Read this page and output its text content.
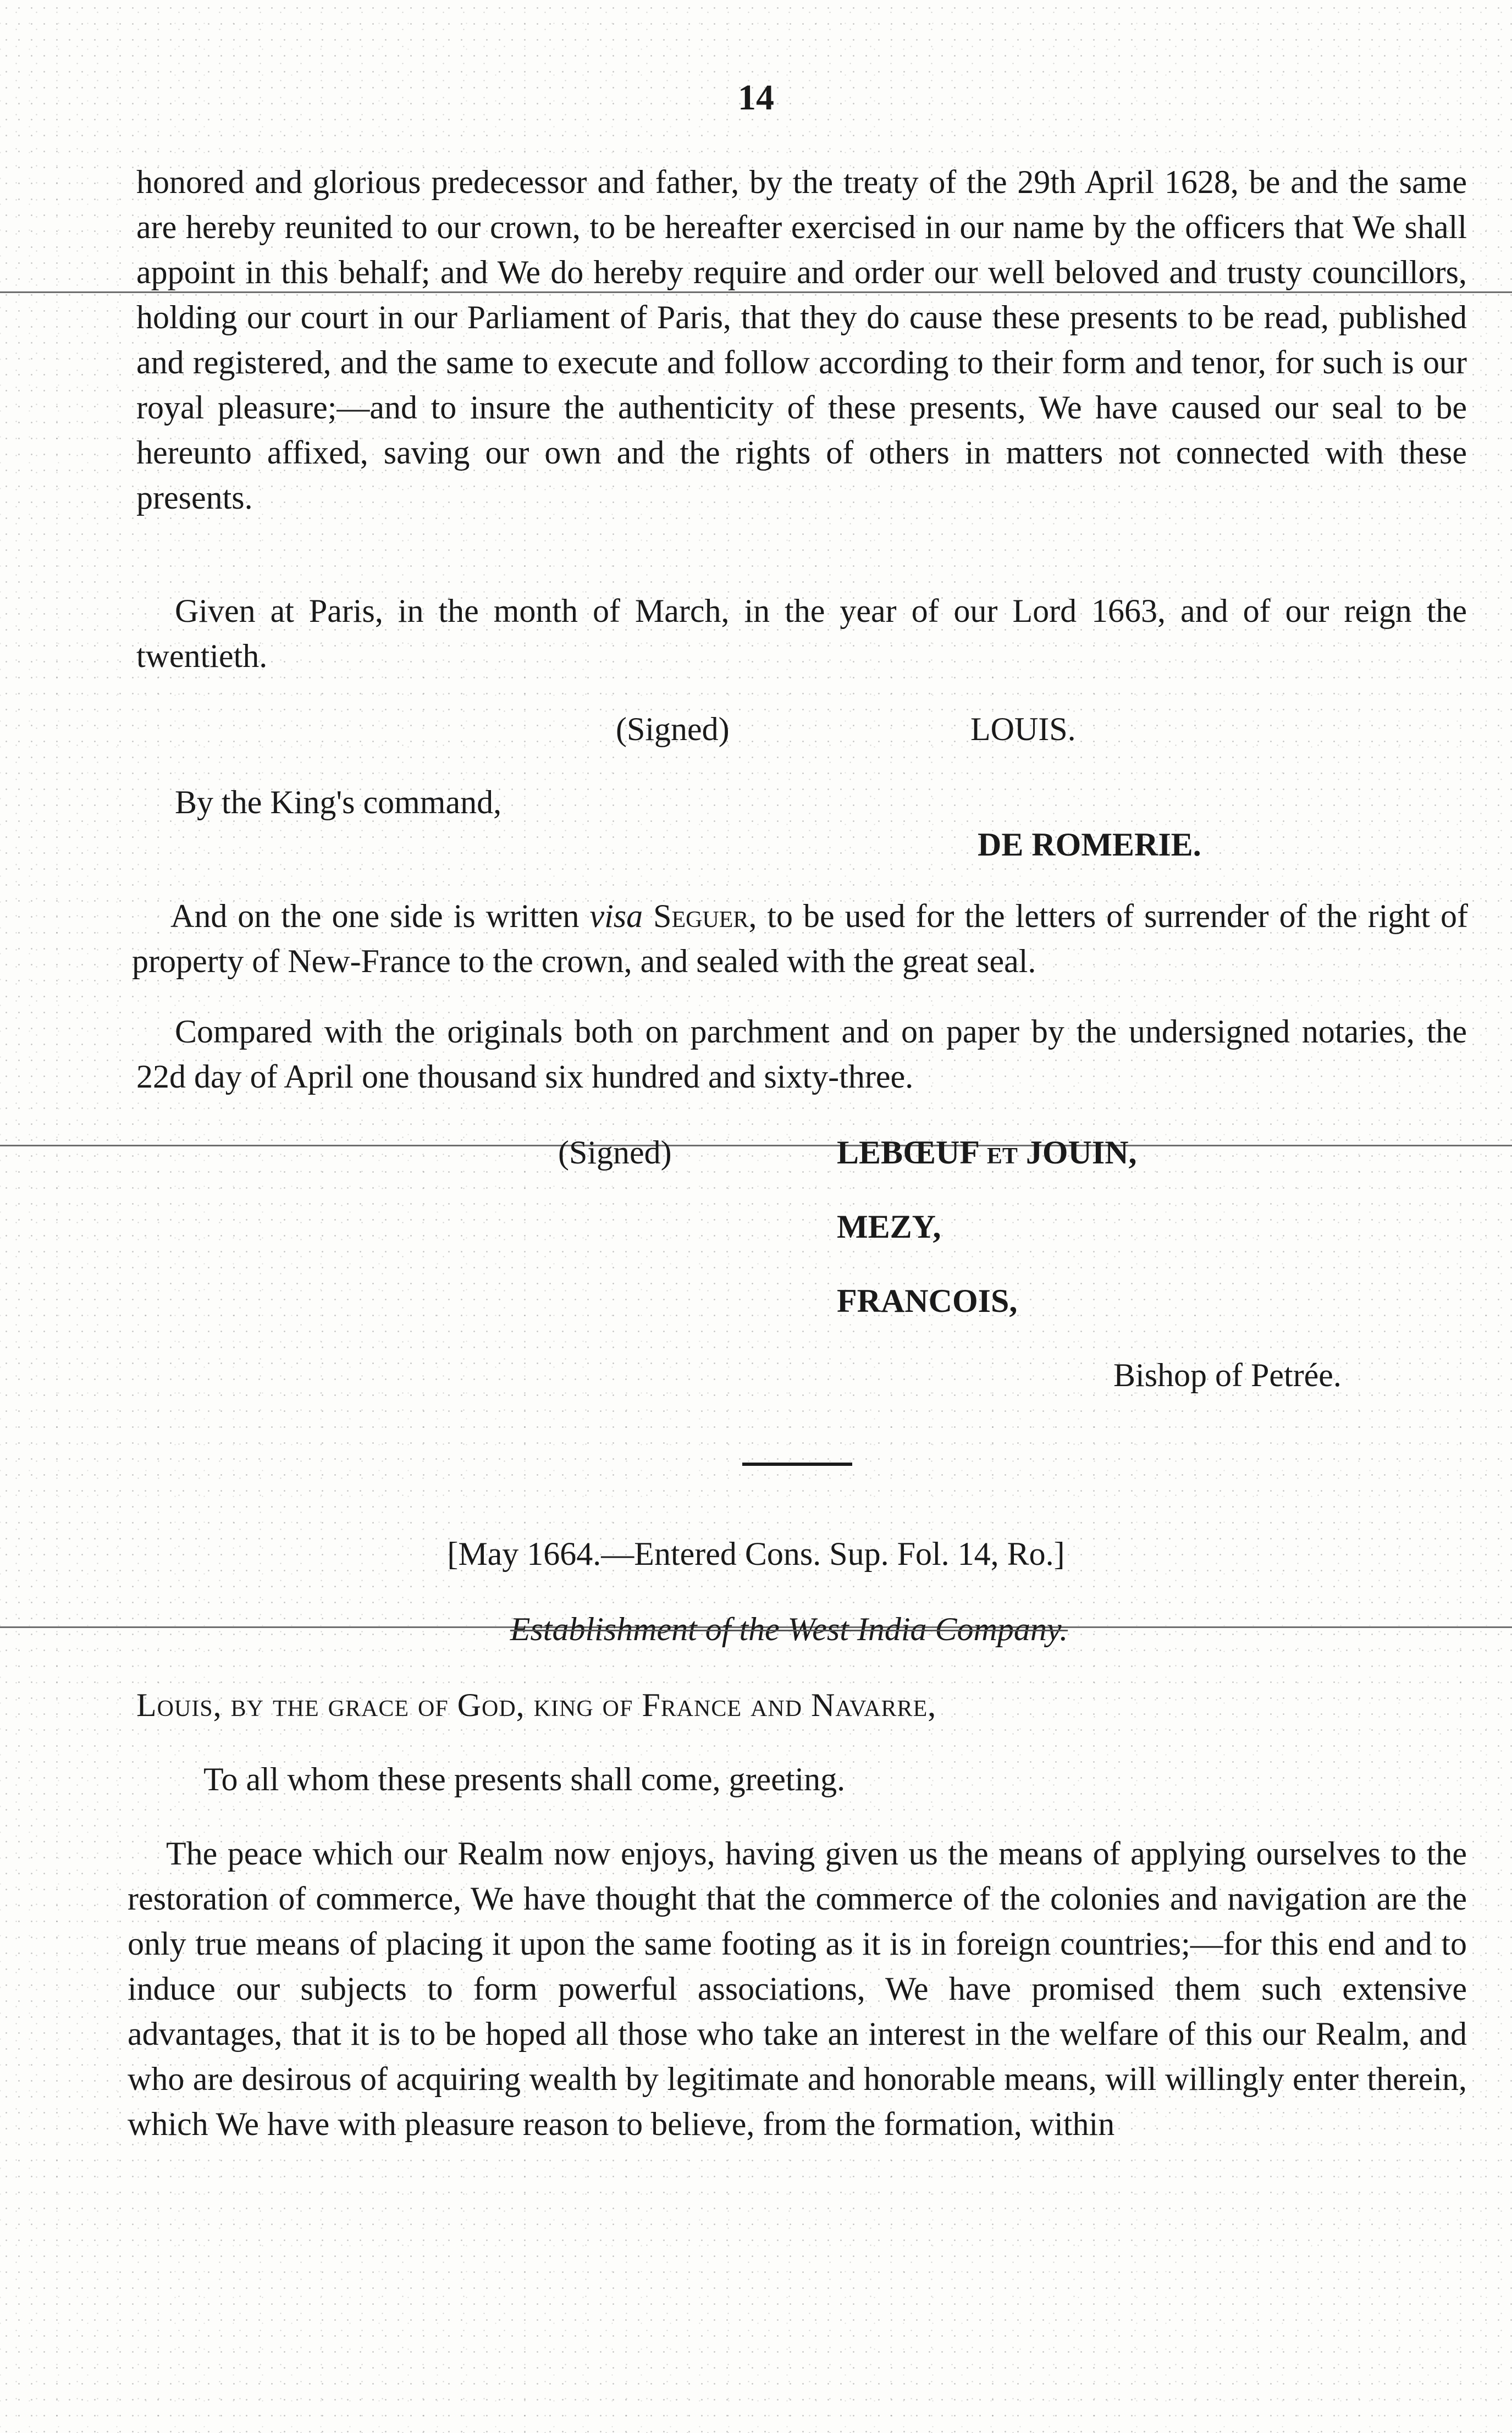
14

honored and glorious predecessor and father, by the treaty of the 29th April 1628, be and the same are hereby reunited to our crown, to be hereafter exercised in our name by the officers that We shall appoint in this behalf; and We do hereby require and order our well beloved and trusty councillors, holding our court in our Parliament of Paris, that they do cause these presents to be read, published and registered, and the same to execute and follow according to their form and tenor, for such is our royal pleasure;—and to insure the authenticity of these presents, We have caused our seal to be hereunto affixed, saving our own and the rights of others in matters not connected with these presents.

Given at Paris, in the month of March, in the year of our Lord 1663, and of our reign the twentieth.

(Signed)	LOUIS.
By the King's command,
DE ROMERIE.

And on the one side is written visa Seguer, to be used for the letters of surrender of the right of property of New-France to the crown, and sealed with the great seal.

Compared with the originals both on parchment and on paper by the undersigned notaries, the 22d day of April one thousand six hundred and sixty-three.

(Signed)	LEBŒUF et JOUIN,
MEZY,
FRANCOIS,
Bishop of Petrée.
[May 1664.—Entered Cons. Sup. Fol. 14, Ro.]
Establishment of the West India Company.
Louis, by the grace of God, king of France and Navarre,
To all whom these presents shall come, greeting.

The peace which our Realm now enjoys, having given us the means of applying ourselves to the restoration of commerce, We have thought that the commerce of the colonies and navigation are the only true means of placing it upon the same footing as it is in foreign countries;—for this end and to induce our subjects to form powerful associations, We have promised them such extensive advantages, that it is to be hoped all those who take an interest in the welfare of this our Realm, and who are desirous of acquiring wealth by legitimate and honorable means, will willingly enter therein, which We have with pleasure reason to believe, from the formation, within
